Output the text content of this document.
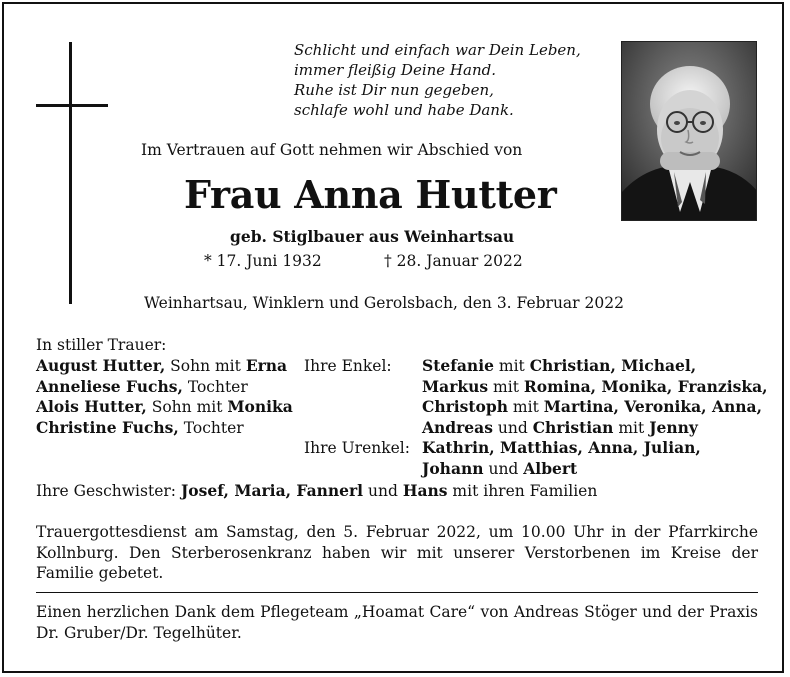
Schlicht und einfach war Dein Leben,
immer fleißig Deine Hand.
Ruhe ist Dir nun gegeben,
schlafe wohl und habe Dank.
Im Vertrauen auf Gott nehmen wir Abschied von
Frau Anna Hutter
geb. Stiglbauer aus Weinhartsau
* 17. Juni 1932	† 28. Januar 2022
Weinhartsau, Winklern und Gerolsbach, den 3. Februar 2022
In stiller Trauer:
August Hutter, Sohn mit Erna
Anneliese Fuchs, Tochter
Alois Hutter, Sohn mit Monika
Christine Fuchs, Tochter
Ihre Enkel: Stefanie mit Christian, Michael,
Markus mit Romina, Monika, Franziska,
Christoph mit Martina, Veronika, Anna,
Andreas und Christian mit Jenny
Ihre Urenkel: Kathrin, Matthias, Anna, Julian,
Johann und Albert
Ihre Geschwister: Josef, Maria, Fannerl und Hans mit ihren Familien
Trauergottesdienst am Samstag, den 5. Februar 2022, um 10.00 Uhr in der Pfarrkirche Kollnburg. Den Sterberosenkranz haben wir mit unserer Verstorbenen im Kreise der Familie gebetet.
Einen herzlichen Dank dem Pflegeteam „Hoamat Care“ von Andreas Stöger und der Praxis Dr. Gruber/Dr. Tegelhüter.
